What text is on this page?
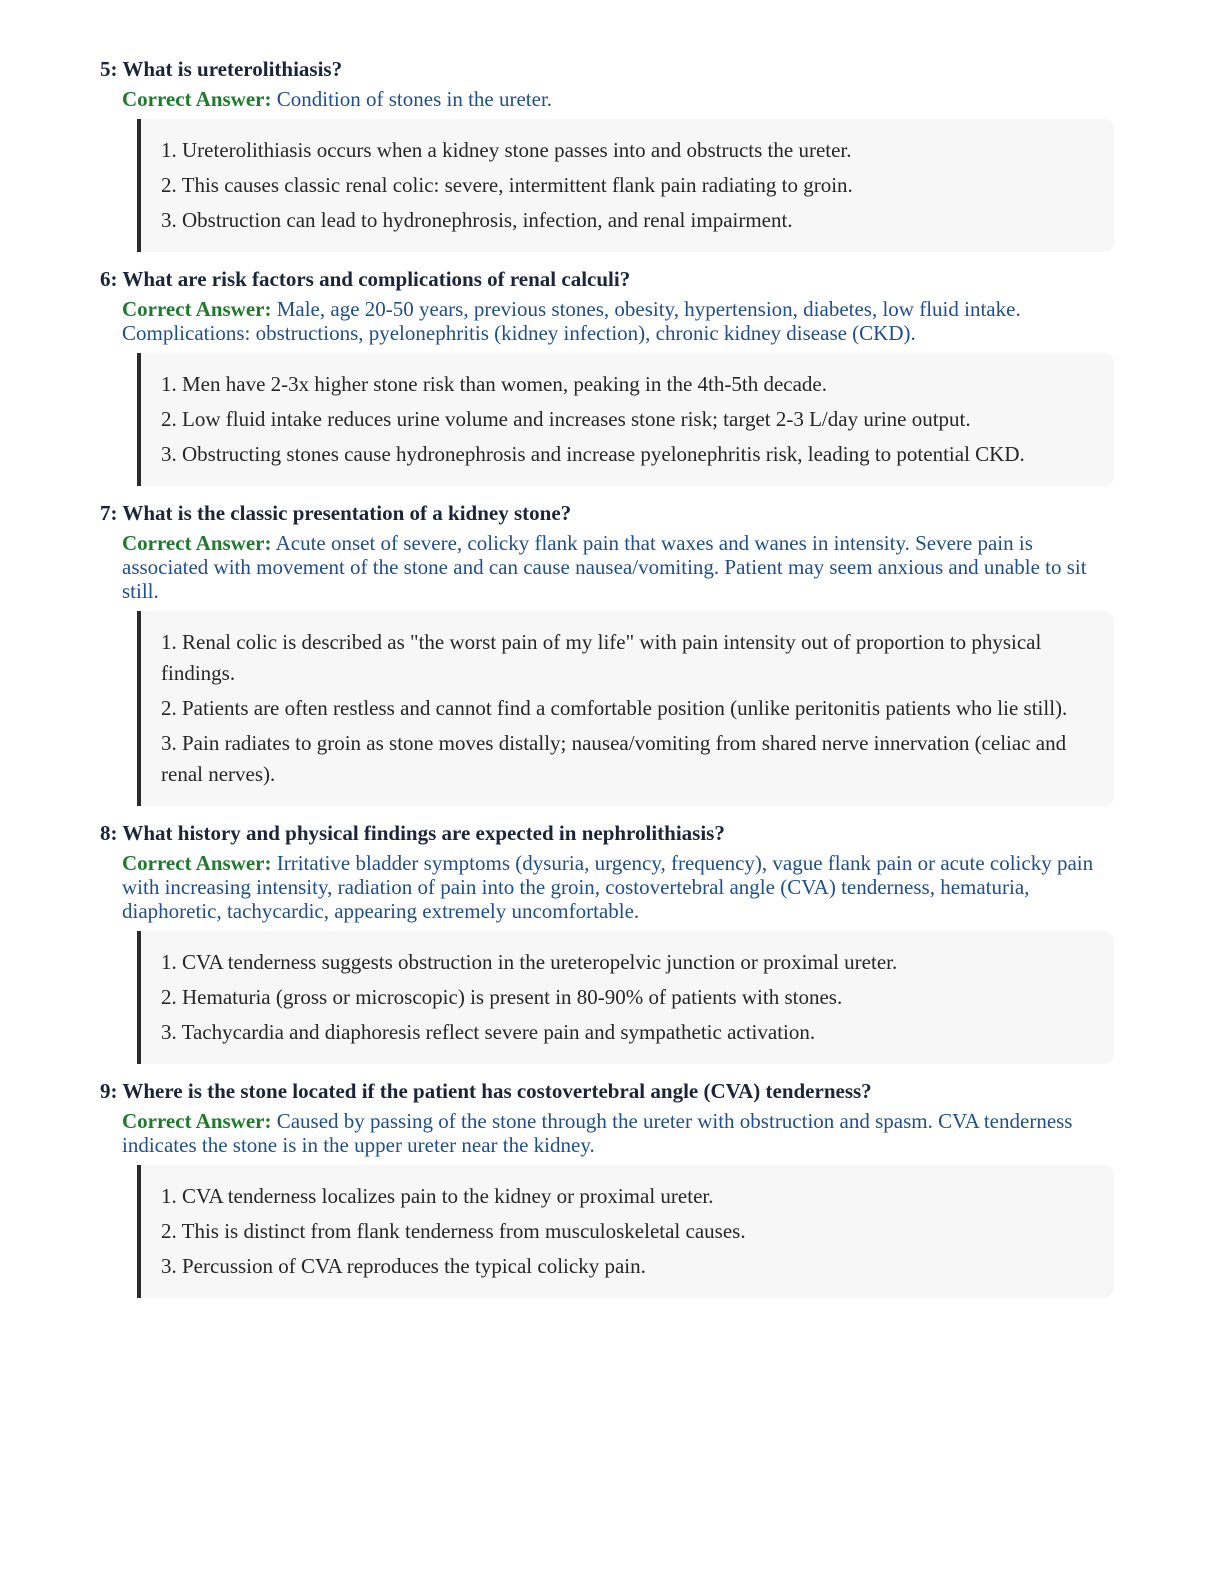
5: What is ureterolithiasis?
Correct Answer: Condition of stones in the ureter.
1. Ureterolithiasis occurs when a kidney stone passes into and obstructs the ureter.
2. This causes classic renal colic: severe, intermittent flank pain radiating to groin.
3. Obstruction can lead to hydronephrosis, infection, and renal impairment.
6: What are risk factors and complications of renal calculi?
Correct Answer: Male, age 20-50 years, previous stones, obesity, hypertension, diabetes, low fluid intake. Complications: obstructions, pyelonephritis (kidney infection), chronic kidney disease (CKD).
1. Men have 2-3x higher stone risk than women, peaking in the 4th-5th decade.
2. Low fluid intake reduces urine volume and increases stone risk; target 2-3 L/day urine output.
3. Obstructing stones cause hydronephrosis and increase pyelonephritis risk, leading to potential CKD.
7: What is the classic presentation of a kidney stone?
Correct Answer: Acute onset of severe, colicky flank pain that waxes and wanes in intensity. Severe pain is associated with movement of the stone and can cause nausea/vomiting. Patient may seem anxious and unable to sit still.
1. Renal colic is described as "the worst pain of my life" with pain intensity out of proportion to physical findings.
2. Patients are often restless and cannot find a comfortable position (unlike peritonitis patients who lie still).
3. Pain radiates to groin as stone moves distally; nausea/vomiting from shared nerve innervation (celiac and renal nerves).
8: What history and physical findings are expected in nephrolithiasis?
Correct Answer: Irritative bladder symptoms (dysuria, urgency, frequency), vague flank pain or acute colicky pain with increasing intensity, radiation of pain into the groin, costovertebral angle (CVA) tenderness, hematuria, diaphoretic, tachycardic, appearing extremely uncomfortable.
1. CVA tenderness suggests obstruction in the ureteropelvic junction or proximal ureter.
2. Hematuria (gross or microscopic) is present in 80-90% of patients with stones.
3. Tachycardia and diaphoresis reflect severe pain and sympathetic activation.
9: Where is the stone located if the patient has costovertebral angle (CVA) tenderness?
Correct Answer: Caused by passing of the stone through the ureter with obstruction and spasm. CVA tenderness indicates the stone is in the upper ureter near the kidney.
1. CVA tenderness localizes pain to the kidney or proximal ureter.
2. This is distinct from flank tenderness from musculoskeletal causes.
3. Percussion of CVA reproduces the typical colicky pain.
